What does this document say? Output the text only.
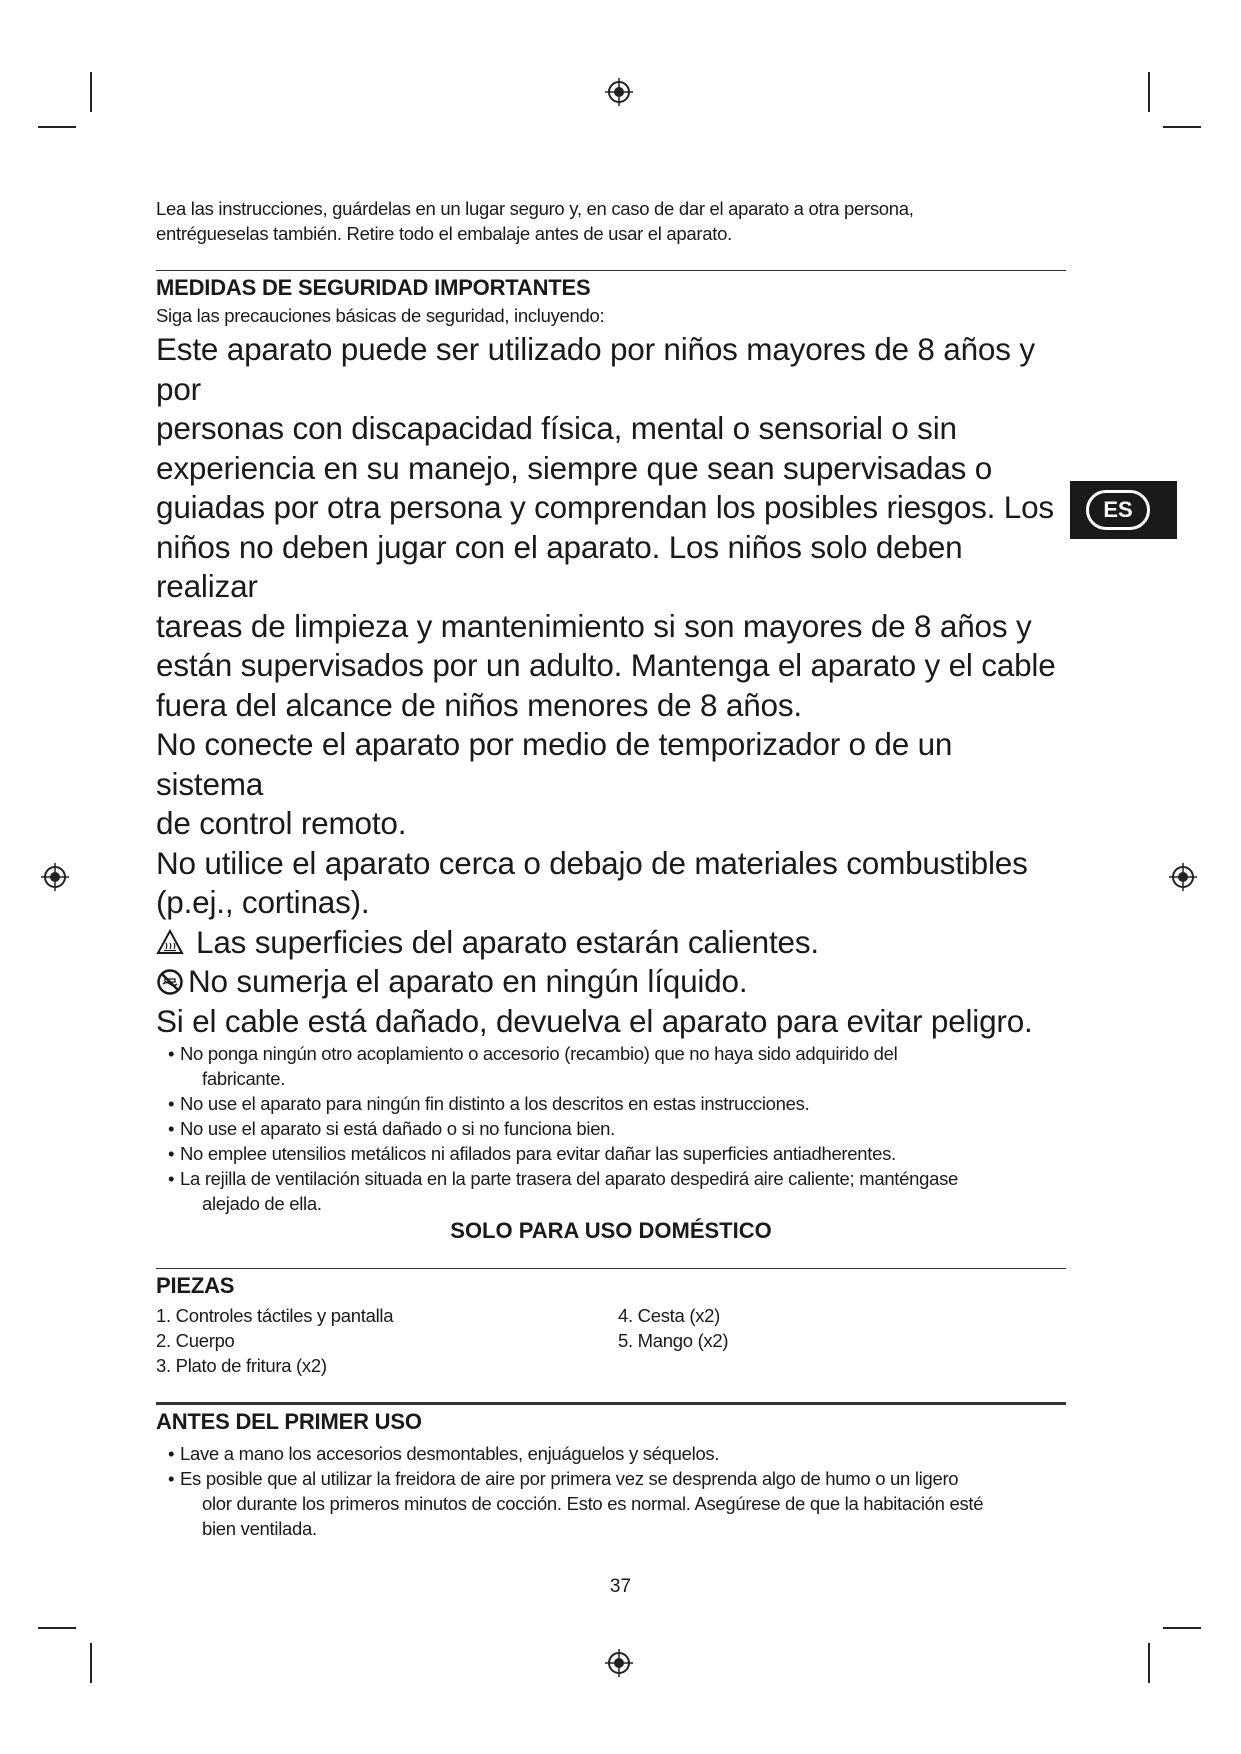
ES

Lea las instrucciones, guárdelas en un lugar seguro y, en caso de dar el aparato a otra persona,

entrégueselas también. Retire todo el embalaje antes de usar el aparato.

MEDIDAS DE SEGURIDAD IMPORTANTES

Siga las precauciones básicas de seguridad, incluyendo:

Este aparato puede ser utilizado por niños mayores de 8 años y por

personas con discapacidad física, mental o sensorial o sin

experiencia en su manejo, siempre que sean supervisadas o

guiadas por otra persona y comprendan los posibles riesgos. Los

niños no deben jugar con el aparato. Los niños solo deben realizar

tareas de limpieza y mantenimiento si son mayores de 8 años y

están supervisados por un adulto. Mantenga el aparato y el cable

fuera del alcance de niños menores de 8 años.

No conecte el aparato por medio de temporizador o de un sistema

de control remoto.

No utilice el aparato cerca o debajo de materiales combustibles

(p.ej., cortinas).

Las superficies del aparato estarán calientes.
No sumerja el aparato en ningún líquido.

Si el cable está dañado, devuelva el aparato para evitar peligro.

• No ponga ningún otro acoplamiento o accesorio (recambio) que no haya sido adquirido del
fabricante.
• No use el aparato para ningún fin distinto a los descritos en estas instrucciones.
• No use el aparato si está dañado o si no funciona bien.
• No emplee utensilios metálicos ni afilados para evitar dañar las superficies antiadherentes.
• La rejilla de ventilación situada en la parte trasera del aparato despedirá aire caliente; manténgase
alejado de ella.

SOLO PARA USO DOMÉSTICO

PIEZAS
1. Controles táctiles y pantalla
2. Cuerpo
3. Plato de fritura (x2)
4. Cesta (x2)
5. Mango (x2)
ANTES DEL PRIMER USO
• Lave a mano los accesorios desmontables, enjuáguelos y séquelos.
• Es posible que al utilizar la freidora de aire por primera vez se desprenda algo de humo o un ligero
olor durante los primeros minutos de cocción. Esto es normal. Asegúrese de que la habitación esté
bien ventilada.
37
